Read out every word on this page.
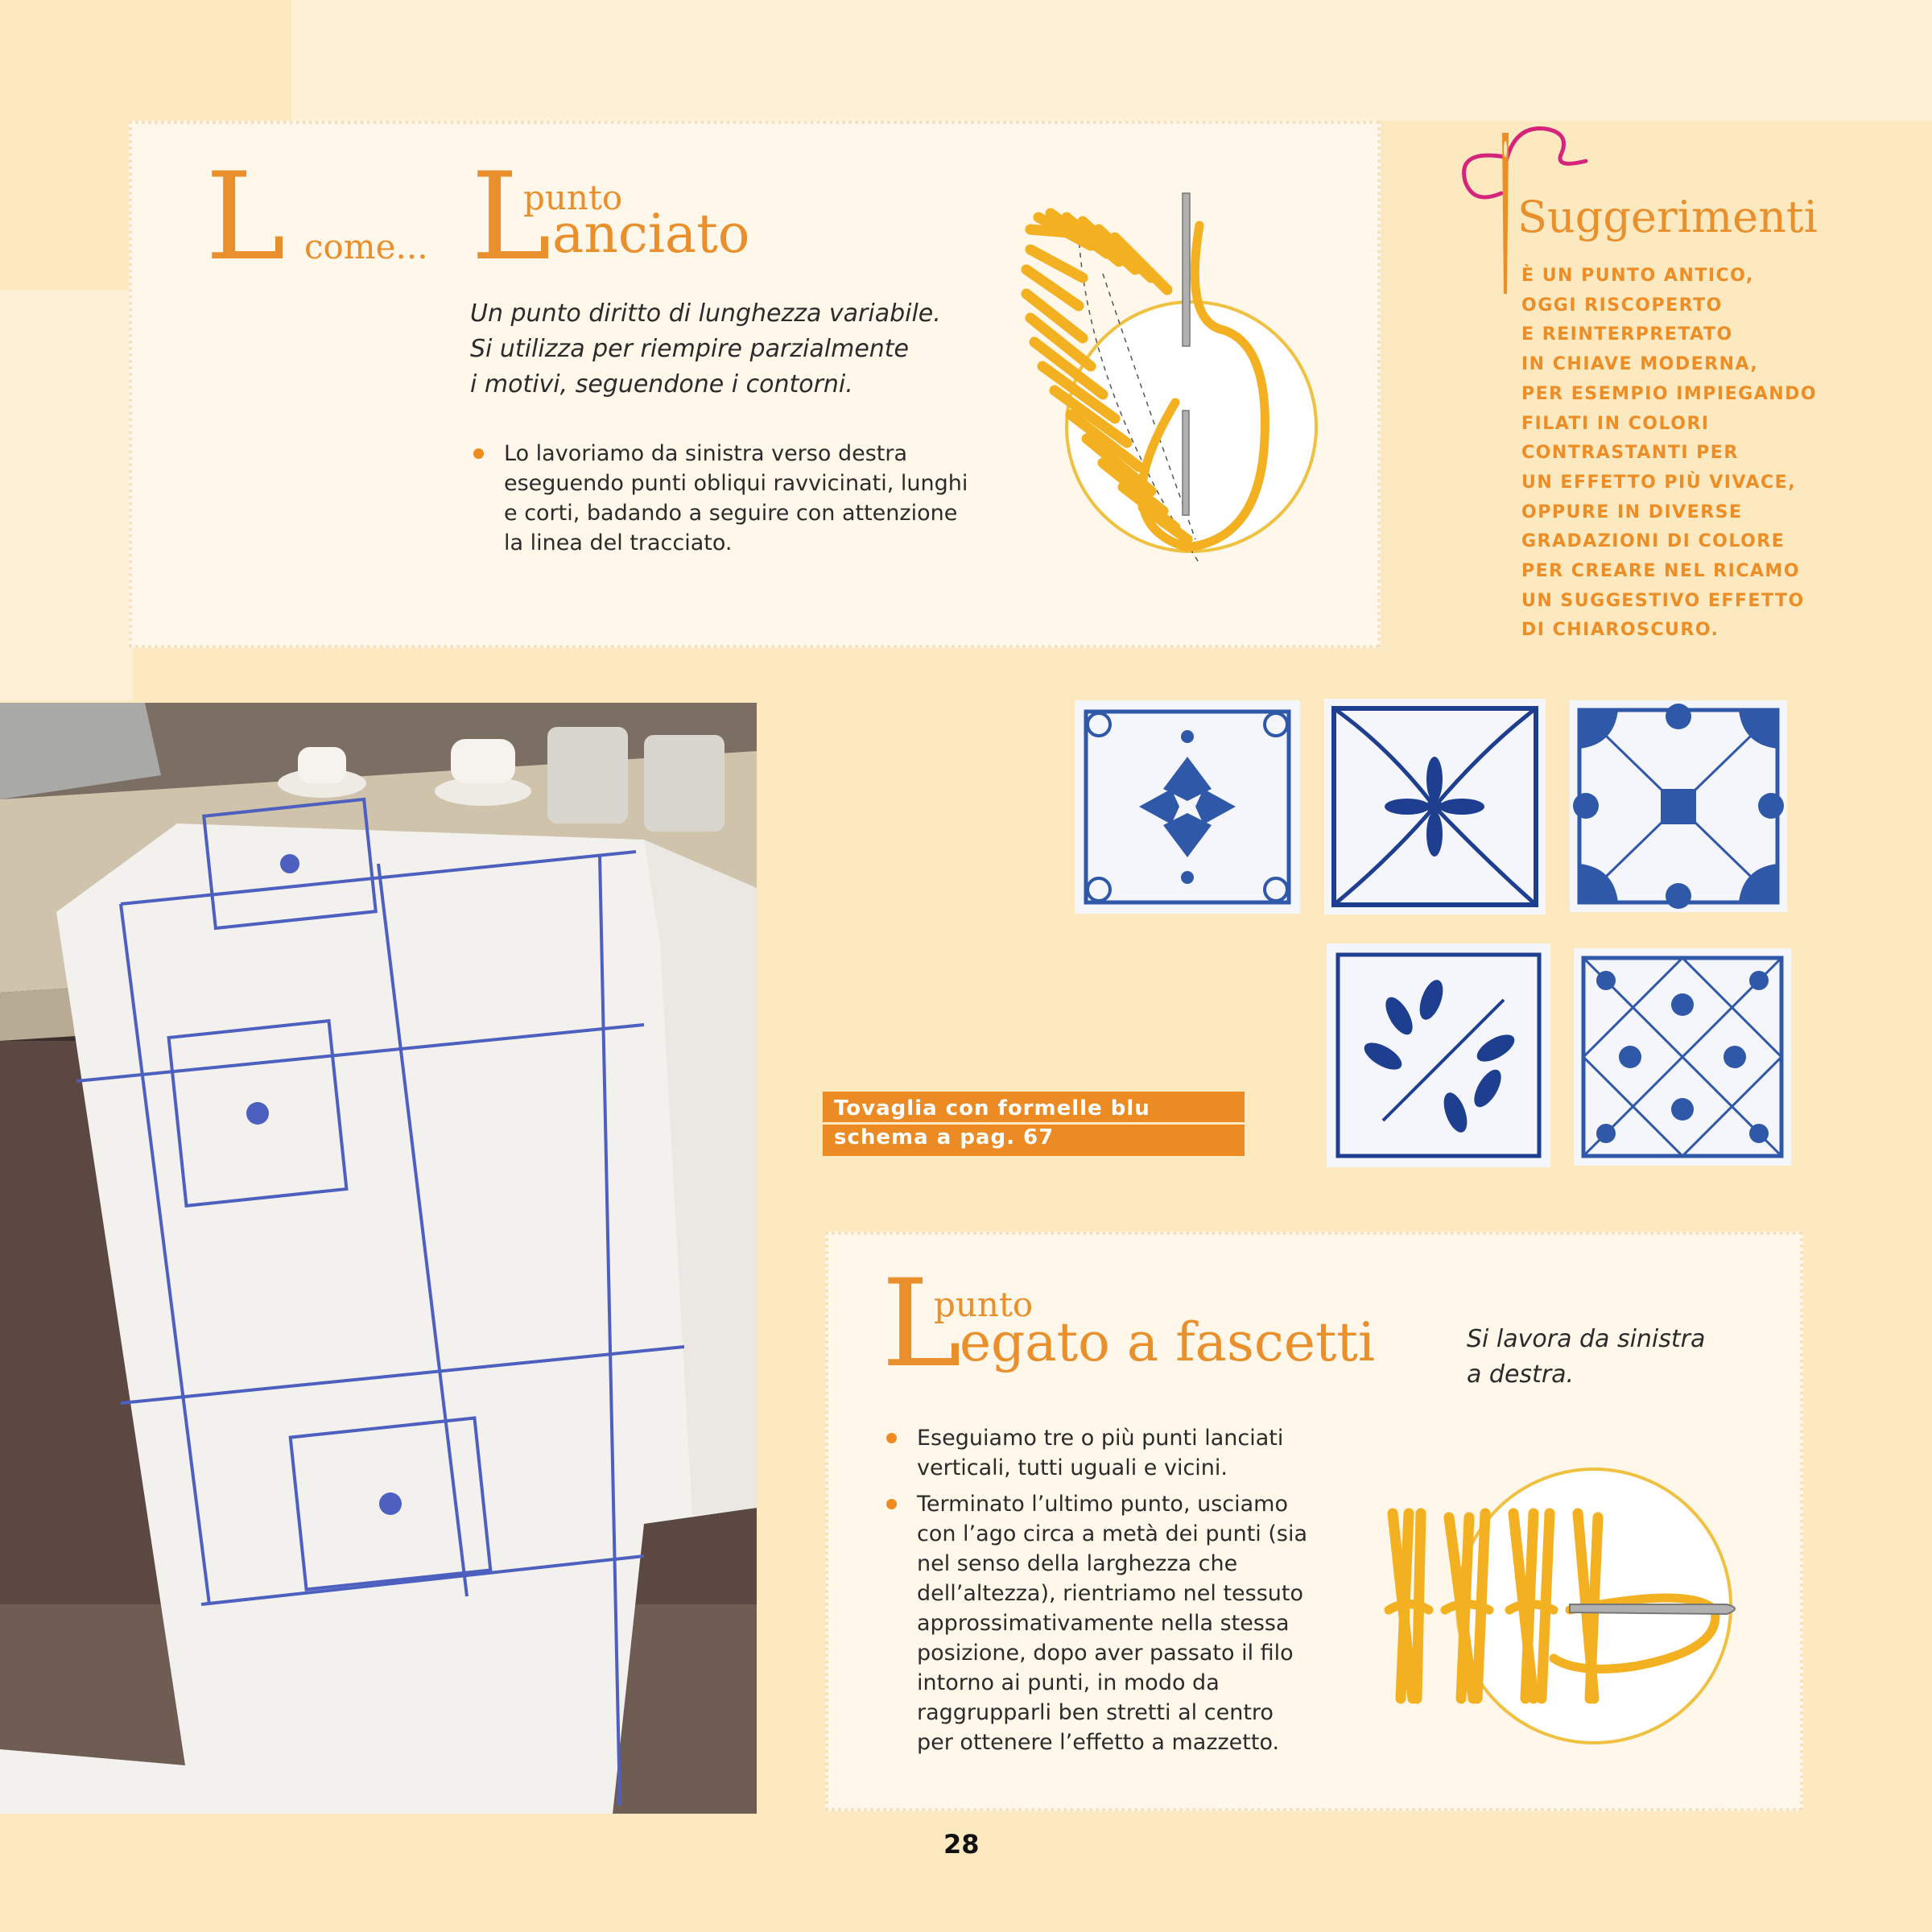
L come... L
punto
anciato
Un punto diritto di lunghezza variabile.
Si utilizza per riempire parzialmente
i motivi, seguendone i contorni.
Lo lavoriamo da sinistra verso destra eseguendo punti obliqui ravvicinati, lunghi e corti, badando a seguire con attenzione la linea del tracciato.
Suggerimenti
È UN PUNTO ANTICO,
OGGI RISCOPERTO
E REINTERPRETATO
IN CHIAVE MODERNA,
PER ESEMPIO IMPIEGANDO
FILATI IN COLORI
CONTRASTANTI PER
UN EFFETTO PIÙ VIVACE,
OPPURE IN DIVERSE
GRADAZIONI DI COLORE
PER CREARE NEL RICAMO
UN SUGGESTIVO EFFETTO
DI CHIAROSCURO.
Tovaglia con formelle blu
schema a pag. 67
L
punto
egato a fascetti	Si lavora da sinistra
a destra.
Eseguiamo tre o più punti lanciati verticali, tutti uguali e vicini.
Terminato l’ultimo punto, usciamo con l’ago circa a metà dei punti (sia nel senso della larghezza che dell’altezza), rientriamo nel tessuto approssimativamente nella stessa posizione, dopo aver passato il filo intorno ai punti, in modo da raggrupparli ben stretti al centro per ottenere l’effetto a mazzetto.
28
